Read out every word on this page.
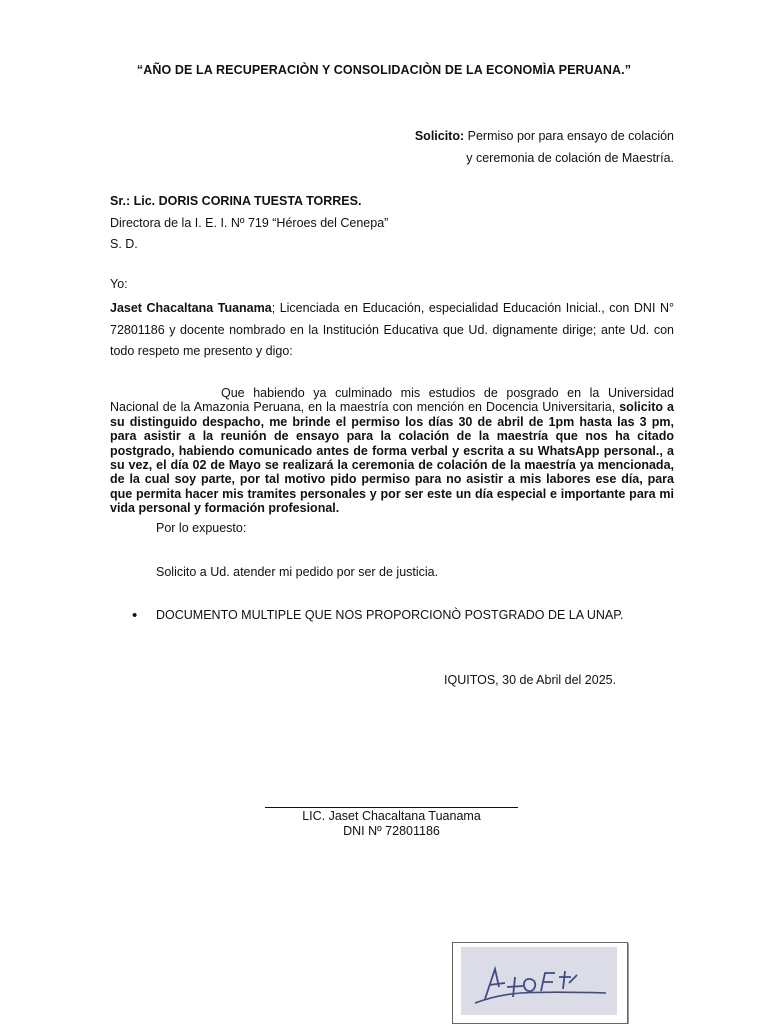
“AÑO DE LA RECUPERACIÒN Y CONSOLIDACIÒN DE LA ECONOMÌA PERUANA.”
Solicito: Permiso por para ensayo de colación
y ceremonia de colación de Maestría.
Sr.: Lic. DORIS CORINA TUESTA TORRES.
Directora de la I. E. I. Nº 719 “Héroes del Cenepa”
S. D.
Yo:
Jaset Chacaltana Tuanama; Licenciada en Educación, especialidad Educación Inicial., con DNI N° 72801186 y docente nombrado en la Institución Educativa que Ud. dignamente dirige; ante Ud. con todo respeto me presento y digo:
Que habiendo ya culminado mis estudios de posgrado en la Universidad Nacional de la Amazonia Peruana, en la maestría con mención en Docencia Universitaria, solicito a su distinguido despacho, me brinde el permiso los días 30 de abril de 1pm hasta las 3 pm, para asistir a la reunión de ensayo para la colación de la maestría que nos ha citado postgrado, habiendo comunicado antes de forma verbal y escrita a su WhatsApp personal., a su vez, el día 02 de Mayo se realizará la ceremonia de colación de la maestría ya mencionada, de la cual soy parte, por tal motivo pido permiso para no asistir a mis labores ese día, para que permita hacer mis tramites personales y por ser este un día especial e importante para mi vida personal y formación profesional.
Por lo expuesto:
Solicito a Ud. atender mi pedido por ser de justicia.
• DOCUMENTO MULTIPLE QUE NOS PROPORCIONÒ POSTGRADO DE LA UNAP.
IQUITOS, 30 de Abril del 2025.
LIC. Jaset Chacaltana Tuanama
DNI Nº 72801186
